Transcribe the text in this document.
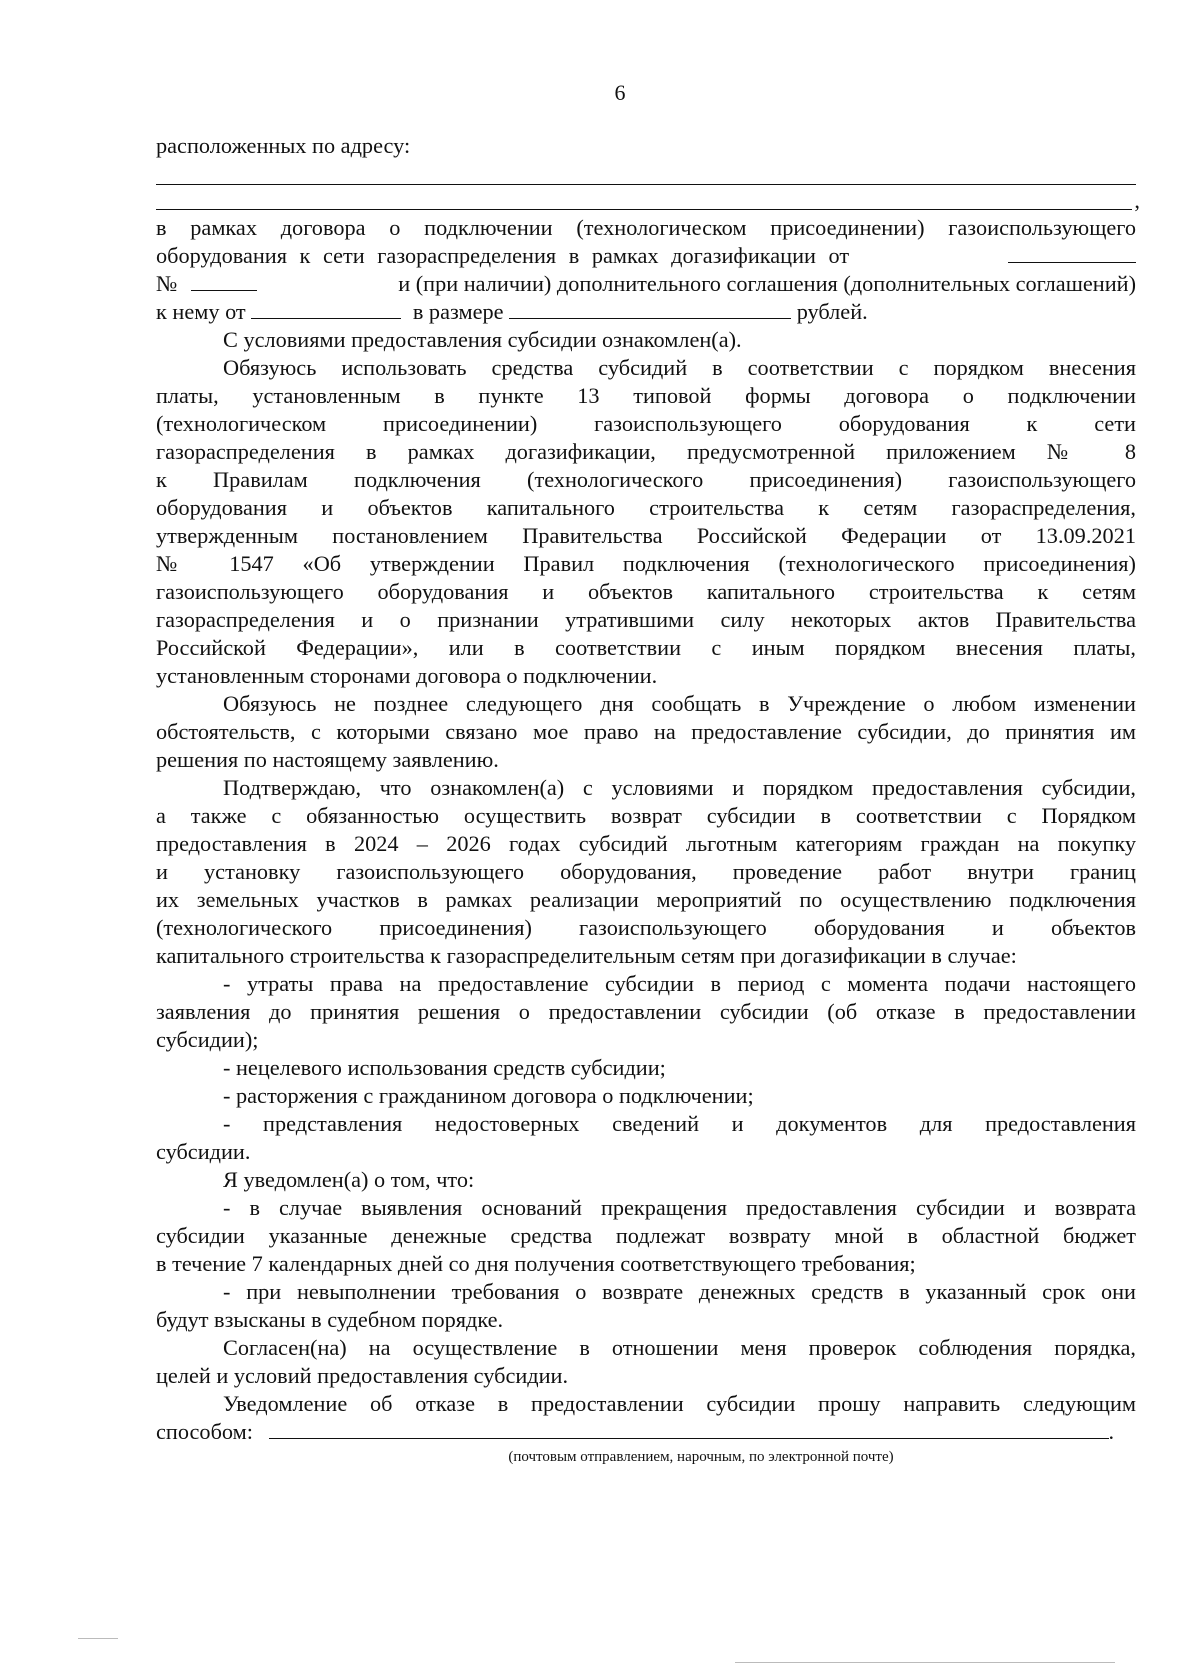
6
расположенных по адресу:
,
в рамках договора о подключении (технологическом присоединении) газоиспользующего
оборудования к сети газораспределения в рамках догазификации от
№	и (при наличии) дополнительного соглашения (дополнительных соглашений)
к нему от	в размере	рублей.
С условиями предоставления субсидии ознакомлен(а).
Обязуюсь использовать средства субсидий в соответствии с порядком внесения
платы, установленным в пункте 13 типовой формы договора о подключении
(технологическом присоединении) газоиспользующего оборудования к сети
газораспределения в рамках догазификации, предусмотренной приложением № 8
к Правилам подключения (технологического присоединения) газоиспользующего
оборудования и объектов капитального строительства к сетям газораспределения,
утвержденным постановлением Правительства Российской Федерации от 13.09.2021
№ 1547 «Об утверждении Правил подключения (технологического присоединения)
газоиспользующего оборудования и объектов капитального строительства к сетям
газораспределения и о признании утратившими силу некоторых актов Правительства
Российской Федерации», или в соответствии с иным порядком внесения платы,
установленным сторонами договора о подключении.
Обязуюсь не позднее следующего дня сообщать в Учреждение о любом изменении
обстоятельств, с которыми связано мое право на предоставление субсидии, до принятия им
решения по настоящему заявлению.
Подтверждаю, что ознакомлен(а) с условиями и порядком предоставления субсидии,
а также с обязанностью осуществить возврат субсидии в соответствии с Порядком
предоставления в 2024 – 2026 годах субсидий льготным категориям граждан на покупку
и установку газоиспользующего оборудования, проведение работ внутри границ
их земельных участков в рамках реализации мероприятий по осуществлению подключения
(технологического присоединения) газоиспользующего оборудования и объектов
капитального строительства к газораспределительным сетям при догазификации в случае:
- утраты права на предоставление субсидии в период с момента подачи настоящего
заявления до принятия решения о предоставлении субсидии (об отказе в предоставлении
субсидии);
- нецелевого использования средств субсидии;
- расторжения с гражданином договора о подключении;
- представления недостоверных сведений и документов для предоставления
субсидии.
Я уведомлен(а) о том, что:
- в случае выявления оснований прекращения предоставления субсидии и возврата
субсидии указанные денежные средства подлежат возврату мной в областной бюджет
в течение 7 календарных дней со дня получения соответствующего требования;
- при невыполнении требования о возврате денежных средств в указанный срок они
будут взысканы в судебном порядке.
Согласен(на) на осуществление в отношении меня проверок соблюдения порядка,
целей и условий предоставления субсидии.
Уведомление об отказе в предоставлении субсидии прошу направить следующим
способом:	.
(почтовым отправлением, нарочным, по электронной почте)
